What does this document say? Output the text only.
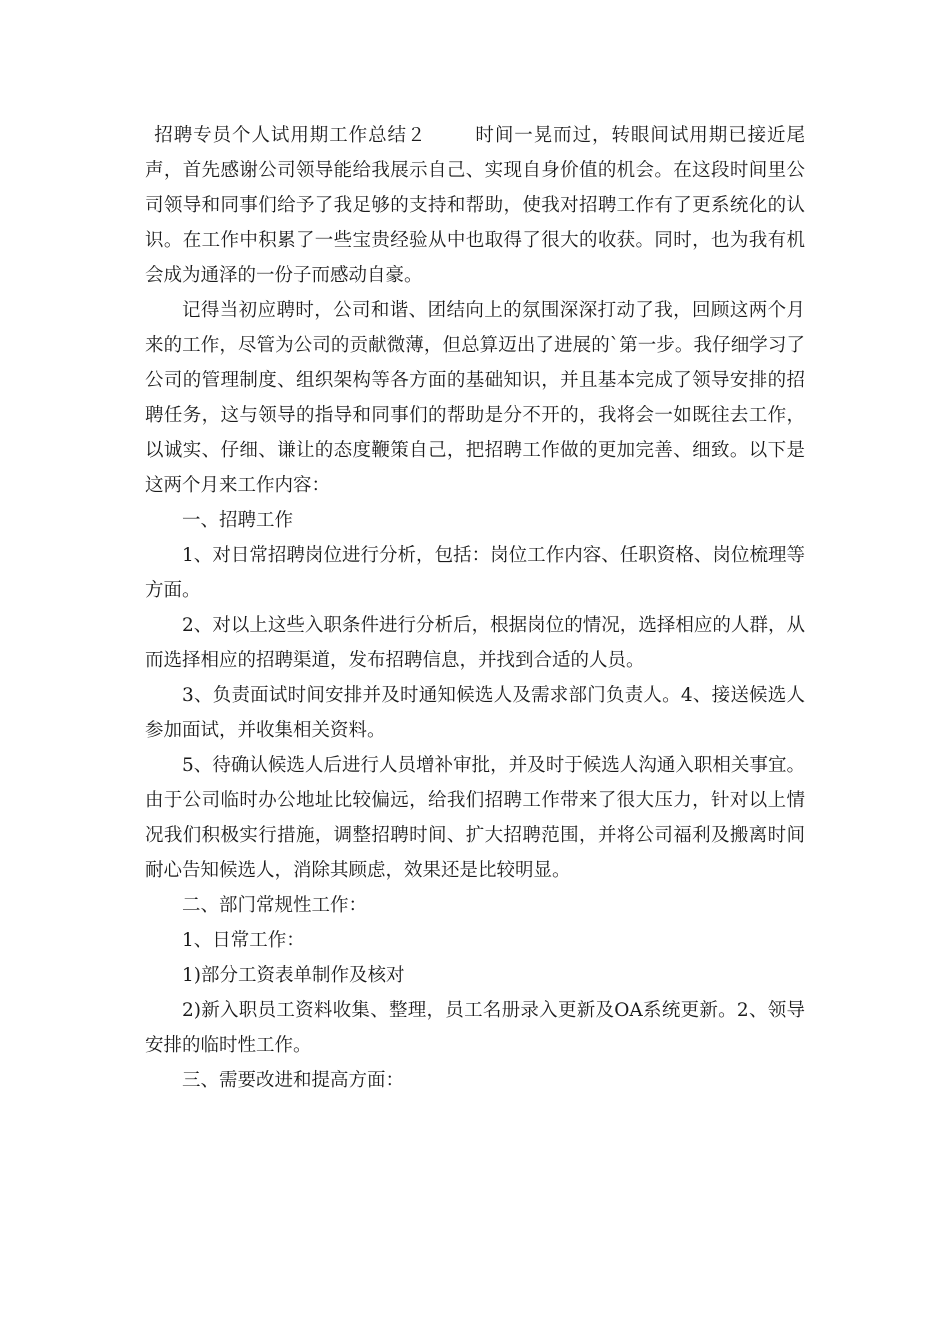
招聘专员个人试用期工作总结２	时间一晃而过，转眼间试用期已接近尾声，首先感谢公司领导能给我展示自己、实现自身价值的机会。在这段时间里公司领导和同事们给予了我足够的支持和帮助，使我对招聘工作有了更系统化的认识。在工作中积累了一些宝贵经验从中也取得了很大的收获。同时，也为我有机会成为通泽的一份子而感动自豪。

记得当初应聘时，公司和谐、团结向上的氛围深深打动了我，回顾这两个月来的工作，尽管为公司的贡献微薄，但总算迈出了进展的`第一步。我仔细学习了公司的管理制度、组织架构等各方面的基础知识，并且基本完成了领导安排的招聘任务，这与领导的指导和同事们的帮助是分不开的，我将会一如既往去工作，以诚实、仔细、谦让的态度鞭策自己，把招聘工作做的更加完善、细致。以下是这两个月来工作内容：

一、招聘工作

1、对日常招聘岗位进行分析，包括：岗位工作内容、任职资格、岗位梳理等方面。

2、对以上这些入职条件进行分析后，根据岗位的情况，选择相应的人群，从而选择相应的招聘渠道，发布招聘信息，并找到合适的人员。

3、负责面试时间安排并及时通知候选人及需求部门负责人。4、接送候选人参加面试，并收集相关资料。

5、待确认候选人后进行人员增补审批，并及时于候选人沟通入职相关事宜。由于公司临时办公地址比较偏远，给我们招聘工作带来了很大压力，针对以上情况我们积极实行措施，调整招聘时间、扩大招聘范围，并将公司福利及搬离时间耐心告知候选人，消除其顾虑，效果还是比较明显。

二、部门常规性工作：

1、日常工作：

1)部分工资表单制作及核对

2)新入职员工资料收集、整理，员工名册录入更新及OA系统更新。2、领导安排的临时性工作。

三、需要改进和提高方面：
